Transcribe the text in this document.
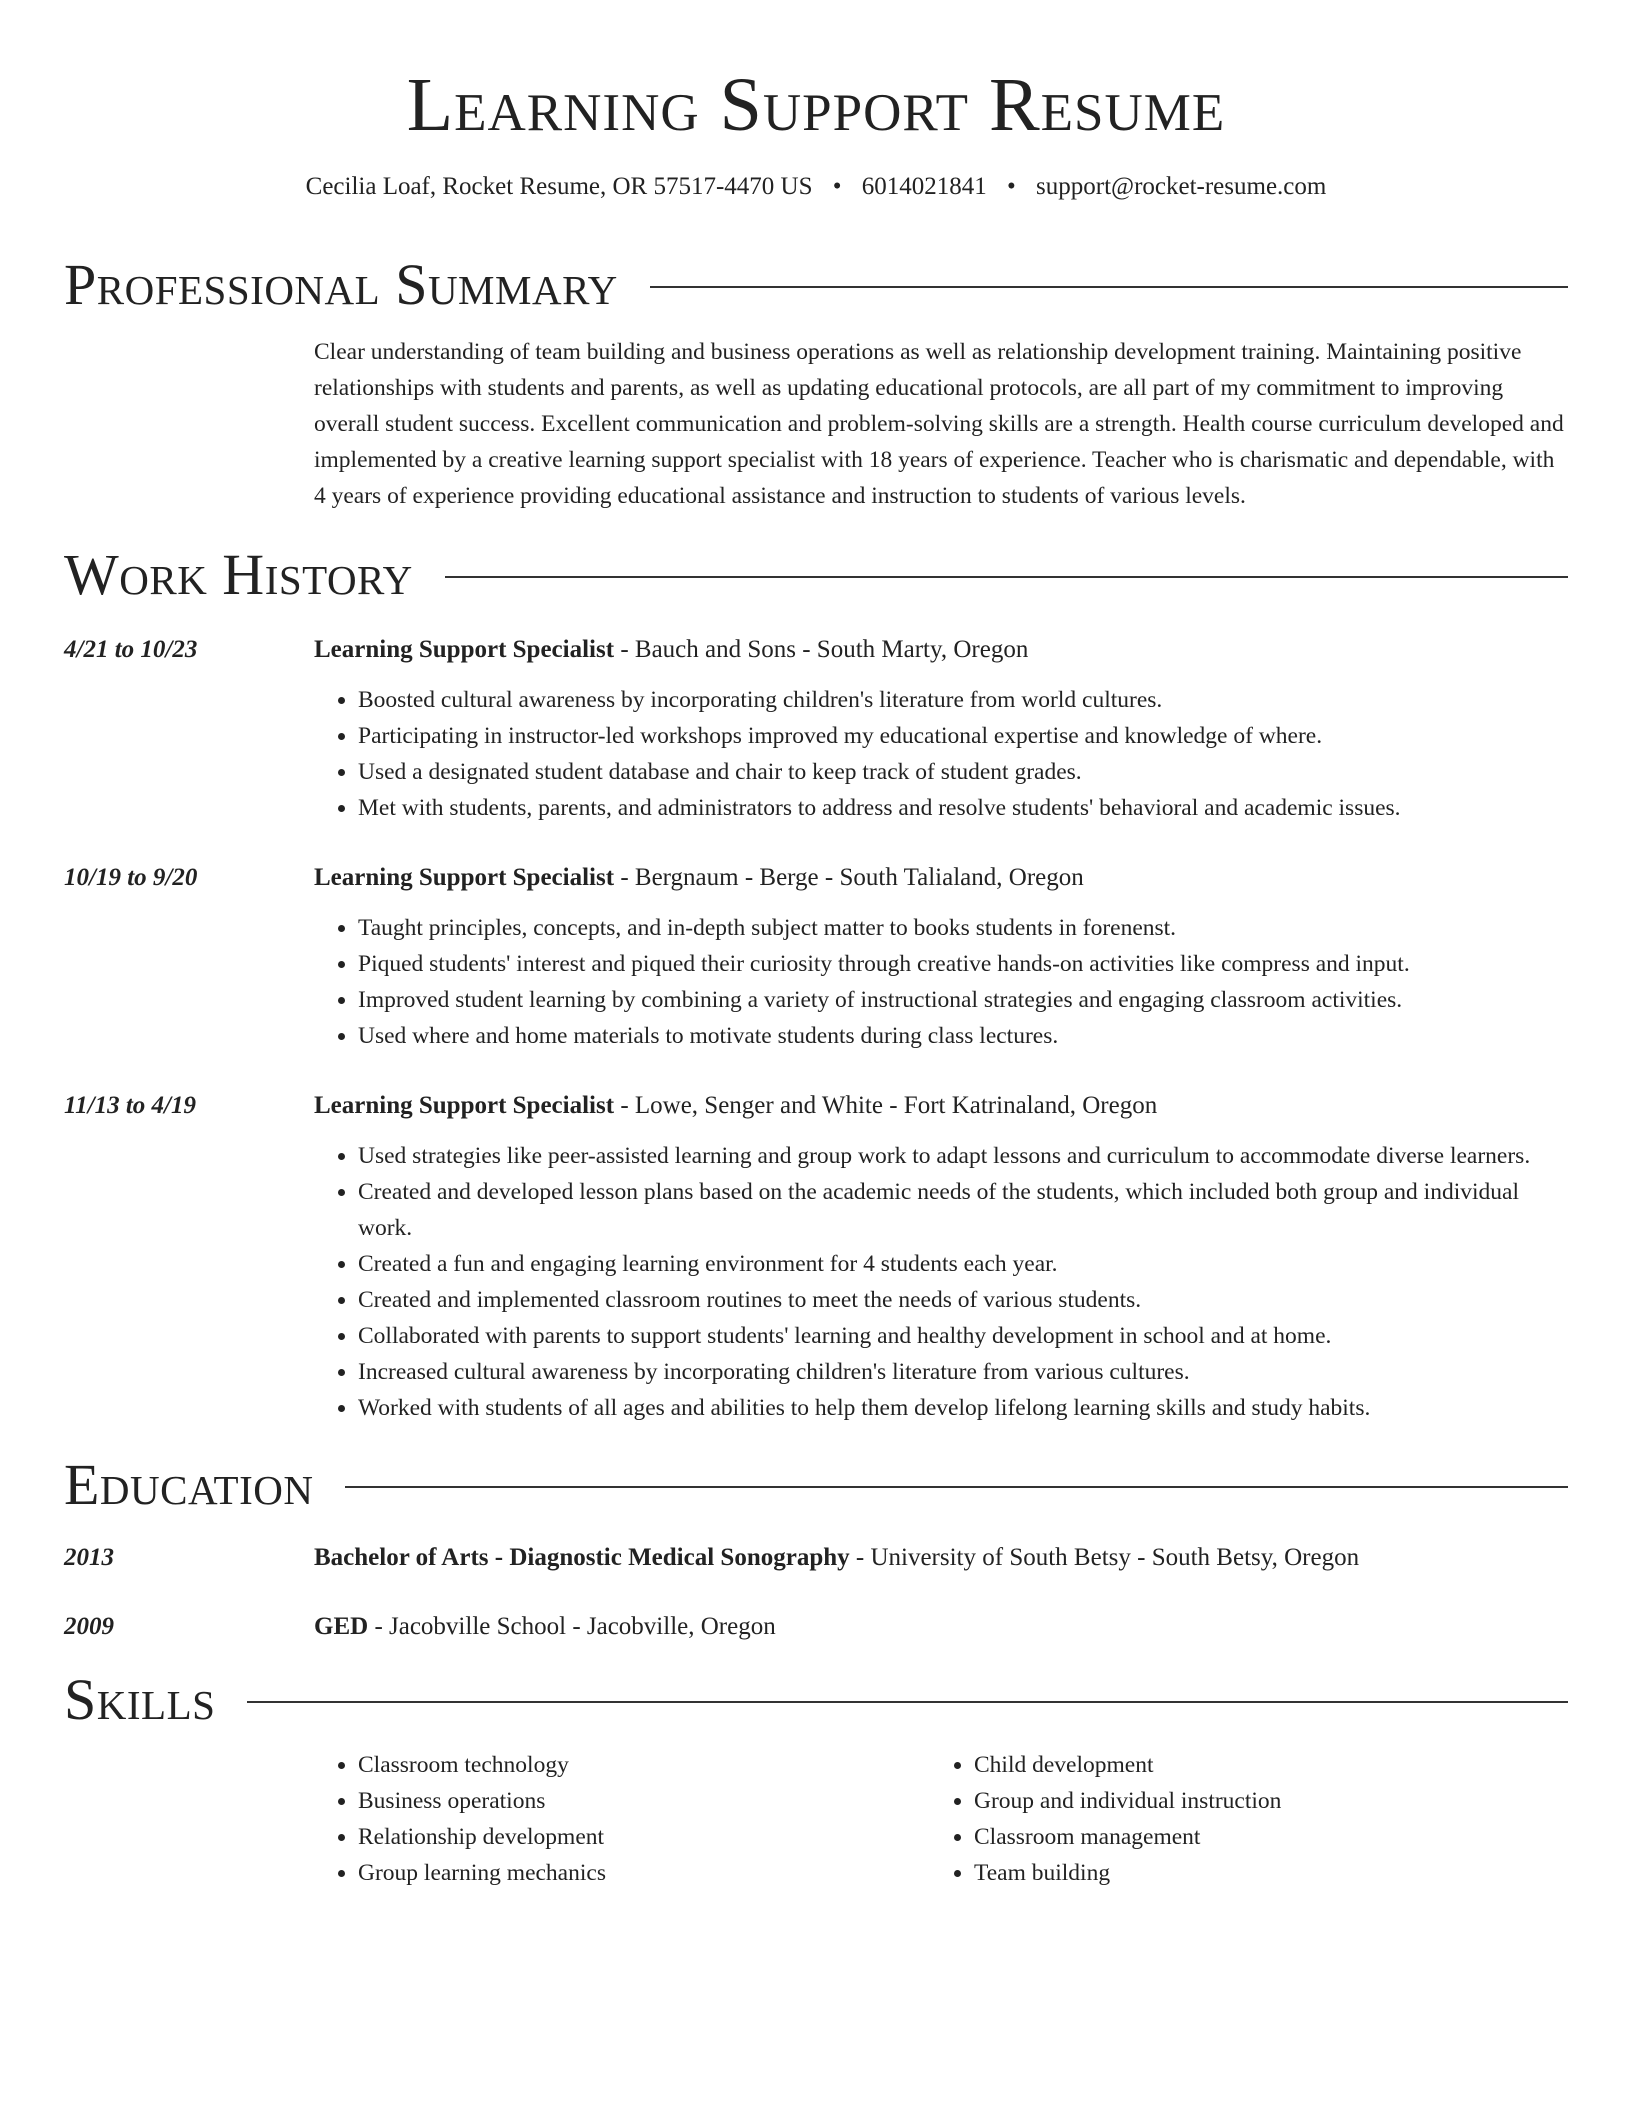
Learning Support Resume
Cecilia Loaf, Rocket Resume, OR 57517-4470 US • 6014021841 • support@rocket-resume.com
Professional Summary
Clear understanding of team building and business operations as well as relationship development training. Maintaining positive relationships with students and parents, as well as updating educational protocols, are all part of my commitment to improving overall student success. Excellent communication and problem-solving skills are a strength. Health course curriculum developed and implemented by a creative learning support specialist with 18 years of experience. Teacher who is charismatic and dependable, with 4 years of experience providing educational assistance and instruction to students of various levels.
Work History
4/21 to 10/23	Learning Support Specialist - Bauch and Sons - South Marty, Oregon
• Boosted cultural awareness by incorporating children's literature from world cultures.
• Participating in instructor-led workshops improved my educational expertise and knowledge of where.
• Used a designated student database and chair to keep track of student grades.
• Met with students, parents, and administrators to address and resolve students' behavioral and academic issues.
10/19 to 9/20	Learning Support Specialist - Bergnaum - Berge - South Talialand, Oregon
• Taught principles, concepts, and in-depth subject matter to books students in forenenst.
• Piqued students' interest and piqued their curiosity through creative hands-on activities like compress and input.
• Improved student learning by combining a variety of instructional strategies and engaging classroom activities.
• Used where and home materials to motivate students during class lectures.
11/13 to 4/19	Learning Support Specialist - Lowe, Senger and White - Fort Katrinaland, Oregon
• Used strategies like peer-assisted learning and group work to adapt lessons and curriculum to accommodate diverse learners.
• Created and developed lesson plans based on the academic needs of the students, which included both group and individual work.
• Created a fun and engaging learning environment for 4 students each year.
• Created and implemented classroom routines to meet the needs of various students.
• Collaborated with parents to support students' learning and healthy development in school and at home.
• Increased cultural awareness by incorporating children's literature from various cultures.
• Worked with students of all ages and abilities to help them develop lifelong learning skills and study habits.
Education
2013	Bachelor of Arts - Diagnostic Medical Sonography - University of South Betsy - South Betsy, Oregon
2009	GED - Jacobville School - Jacobville, Oregon
Skills
• Classroom technology
• Business operations
• Relationship development
• Group learning mechanics
• Child development
• Group and individual instruction
• Classroom management
• Team building
